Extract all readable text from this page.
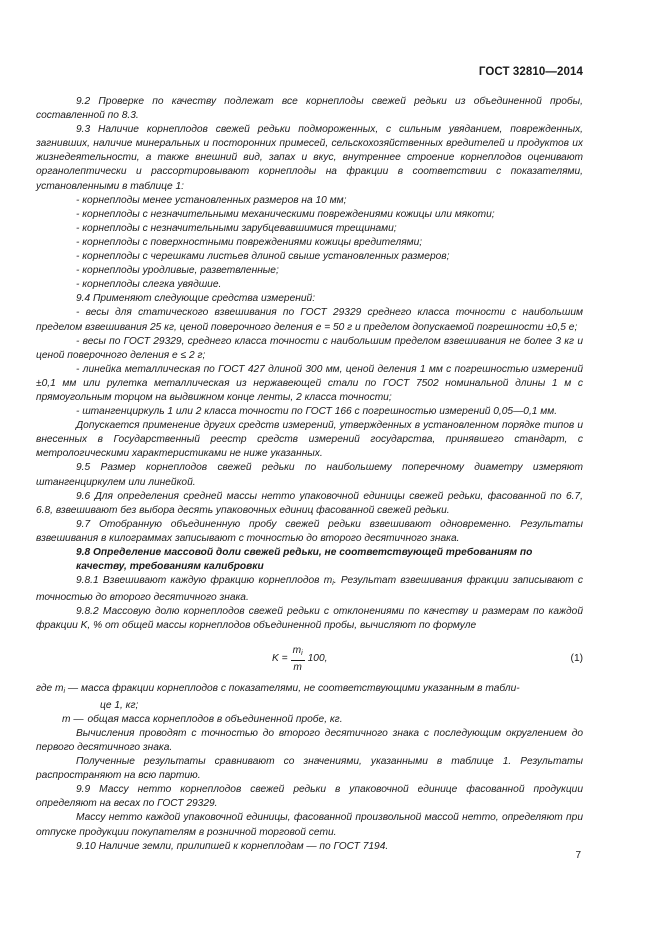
ГОСТ 32810—2014

9.2 Проверке по качеству подлежат все корнеплоды свежей редьки из объединенной пробы, составленной по 8.3.

9.3 Наличие корнеплодов свежей редьки подмороженных, с сильным увяданием, поврежденных, загнивших, наличие минеральных и посторонних примесей, сельскохозяйственных вредителей и продуктов их жизнедеятельности, а также внешний вид, запах и вкус, внутреннее строение корнеплодов оценивают органолептически и рассортировывают корнеплоды на фракции в соответствии с показателями, установленными в таблице 1:

- корнеплоды менее установленных размеров на 10 мм;

- корнеплоды с незначительными механическими повреждениями кожицы или мякоти;

- корнеплоды с незначительными зарубцевавшимися трещинами;

- корнеплоды с поверхностными повреждениями кожицы вредителями;

- корнеплоды с черешками листьев длиной свыше установленных размеров;

- корнеплоды уродливые, разветвленные;

- корнеплоды слегка увядшие.

9.4 Применяют следующие средства измерений:

- весы для статического взвешивания по ГОСТ 29329 среднего класса точности с наибольшим пределом взвешивания 25 кг, ценой поверочного деления е = 50 г и пределом допускаемой погрешности ±0,5 е;

- весы по ГОСТ 29329, среднего класса точности с наибольшим пределом взвешивания не более 3 кг и ценой поверочного деления е ≤ 2 г;

- линейка металлическая по ГОСТ 427 длиной 300 мм, ценой деления 1 мм с погрешностью измерений ±0,1 мм или рулетка металлическая из нержавеющей стали по ГОСТ 7502 номинальной длины 1 м с прямоугольным торцом на выдвижном конце ленты, 2 класса точности;

- штангенциркуль 1 или 2 класса точности по ГОСТ 166 с погрешностью измерений 0,05—0,1 мм.

Допускается применение других средств измерений, утвержденных в установленном порядке типов и внесенных в Государственный реестр средств измерений государства, принявшего стандарт, с метрологическими характеристиками не ниже указанных.

9.5 Размер корнеплодов свежей редьки по наибольшему поперечному диаметру измеряют штангенциркулем или линейкой.

9.6 Для определения средней массы нетто упаковочной единицы свежей редьки, фасованной по 6.7, 6.8, взвешивают без выбора десять упаковочных единиц фасованной свежей редьки.

9.7 Отобранную объединенную пробу свежей редьки взвешивают одновременно. Результаты взвешивания в килограммах записывают с точностью до второго десятичного знака.

9.8 Определение массовой доли свежей редьки, не соответствующей требованиям по качеству, требованиям калибровки

9.8.1 Взвешивают каждую фракцию корнеплодов $m_i$. Результат взвешивания фракции записывают с точностью до второго десятичного знака.

9.8.2 Массовую долю корнеплодов свежей редьки с отклонениями по качеству и размерам по каждой фракции K, % от общей массы корнеплодов объединенной пробы, вычисляют по формуле

$K = \frac{m_i}{m} 100$,	(1)
где $m_i$ — масса фракции корнеплодов с показателями, не соответствующими указанным в табли-

це 1, кг;

m — общая масса корнеплодов в объединенной пробе, кг.

Вычисления проводят с точностью до второго десятичного знака с последующим округлением до первого десятичного знака.

Полученные результаты сравнивают со значениями, указанными в таблице 1. Результаты распространяют на всю партию.

9.9 Массу нетто корнеплодов свежей редьки в упаковочной единице фасованной продукции определяют на весах по ГОСТ 29329.

Массу нетто каждой упаковочной единицы, фасованной произвольной массой нетто, определяют при отпуске продукции покупателям в розничной торговой сети.

9.10 Наличие земли, прилипшей к корнеплодам — по ГОСТ 7194.

7
